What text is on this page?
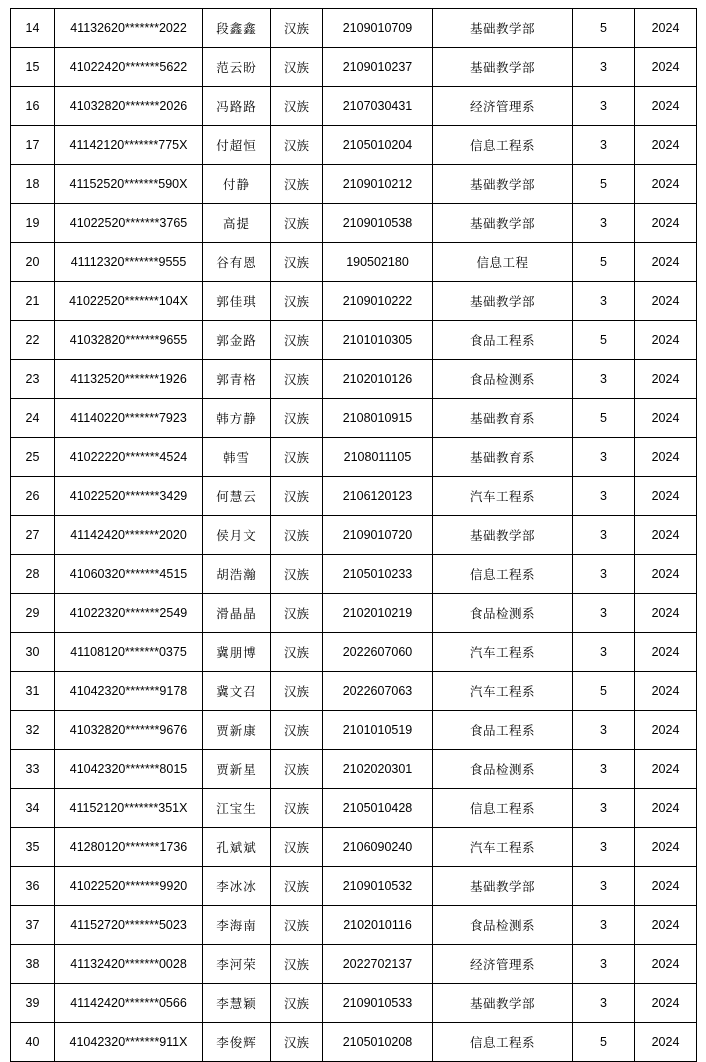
14	41132620*******2022	段鑫鑫	汉族	2109010709	基础教学部	5	2024
15	41022420*******5622	范云盼	汉族	2109010237	基础教学部	3	2024
16	41032820*******2026	冯路路	汉族	2107030431	经济管理系	3	2024
17	41142120*******775X	付超恒	汉族	2105010204	信息工程系	3	2024
18	41152520*******590X	付静	汉族	2109010212	基础教学部	5	2024
19	41022520*******3765	高提	汉族	2109010538	基础教学部	3	2024
20	41112320*******9555	谷有恩	汉族	190502180	信息工程	5	2024
21	41022520*******104X	郭佳琪	汉族	2109010222	基础教学部	3	2024
22	41032820*******9655	郭金路	汉族	2101010305	食品工程系	5	2024
23	41132520*******1926	郭青格	汉族	2102010126	食品检测系	3	2024
24	41140220*******7923	韩方静	汉族	2108010915	基础教育系	5	2024
25	41022220*******4524	韩雪	汉族	2108011105	基础教育系	3	2024
26	41022520*******3429	何慧云	汉族	2106120123	汽车工程系	3	2024
27	41142420*******2020	侯月文	汉族	2109010720	基础教学部	3	2024
28	41060320*******4515	胡浩瀚	汉族	2105010233	信息工程系	3	2024
29	41022320*******2549	滑晶晶	汉族	2102010219	食品检测系	3	2024
30	41108120*******0375	冀朋博	汉族	2022607060	汽车工程系	3	2024
31	41042320*******9178	冀文召	汉族	2022607063	汽车工程系	5	2024
32	41032820*******9676	贾新康	汉族	2101010519	食品工程系	3	2024
33	41042320*******8015	贾新星	汉族	2102020301	食品检测系	3	2024
34	41152120*******351X	江宝生	汉族	2105010428	信息工程系	3	2024
35	41280120*******1736	孔斌斌	汉族	2106090240	汽车工程系	3	2024
36	41022520*******9920	李冰冰	汉族	2109010532	基础教学部	3	2024
37	41152720*******5023	李海南	汉族	2102010116	食品检测系	3	2024
38	41132420*******0028	李河荣	汉族	2022702137	经济管理系	3	2024
39	41142420*******0566	李慧颖	汉族	2109010533	基础教学部	3	2024
40	41042320*******911X	李俊辉	汉族	2105010208	信息工程系	5	2024
